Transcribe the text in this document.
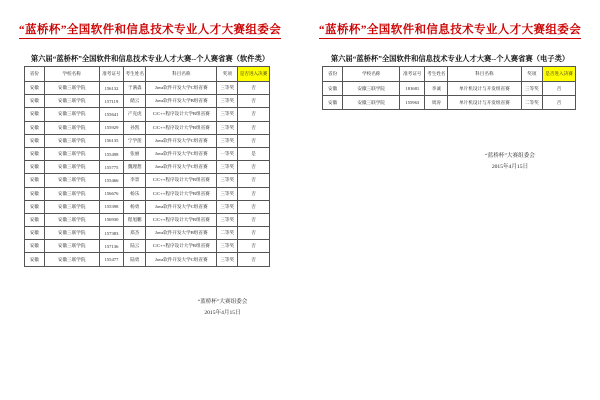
“蓝桥杯”全国软件和信息技术专业人才大赛组委会
第六届“蓝桥杯”全国软件和信息技术专业人才大赛--个人赛省赛（软件类）
省份	学校名称	准考证号	考生姓名	科目名称	奖项	是否进入决赛
安徽	安徽三联学院	156132	于满淼	Java软件开发大学C组省赛	三等奖	否
安徽	安徽三联学院	157119	储云	Java软件开发大学B组省赛	三等奖	否
安徽	安徽三联学院	155641	产克虎	C/C++程序设计大学B组省赛	三等奖	否
安徽	安徽三联学院	155929	孙凯	C/C++程序设计大学B组省赛	三等奖	否
安徽	安徽三联学院	156135	宁学莲	Java软件开发大学C组省赛	三等奖	否
安徽	安徽三联学院	155498	张丽	Java软件开发大学C组省赛	一等奖	是
安徽	安徽三联学院	155775	魏理想	Java软件开发大学C组省赛	三等奖	否
安徽	安徽三联学院	155466	李景	C/C++程序设计大学B组省赛	三等奖	否
安徽	安徽三联学院	156676	杨乐	C/C++程序设计大学B组省赛	三等奖	否
安徽	安徽三联学院	155398	杨勇	Java软件开发大学C组省赛	三等奖	否
安徽	安徽三联学院	156930	程旭鹏	C/C++程序设计大学B组省赛	三等奖	否
安徽	安徽三联学院	157383	郑杰	Java软件开发大学B组省赛	二等奖	否
安徽	安徽三联学院	157136	陆云	C/C++程序设计大学B组省赛	三等奖	否
安徽	安徽三联学院	155477	陆勇	Java软件开发大学C组省赛	三等奖	否
“蓝桥杯”大赛组委会
2015年4月15日
“蓝桥杯”全国软件和信息技术专业人才大赛组委会
第六届“蓝桥杯”全国软件和信息技术专业人才大赛--个人赛省赛（电子类）
省份	学校名称	准考证号	考生姓名	科目名称	奖项	是否进入决赛
安徽	安徽三联学院	181681	李诚	单片机设计与开发组省赛	三等奖	否
安徽	安徽三联学院	155963	周涛	单片机设计与开发组省赛	二等奖	否
“蓝桥杯”大赛组委会
2015年4月15日
